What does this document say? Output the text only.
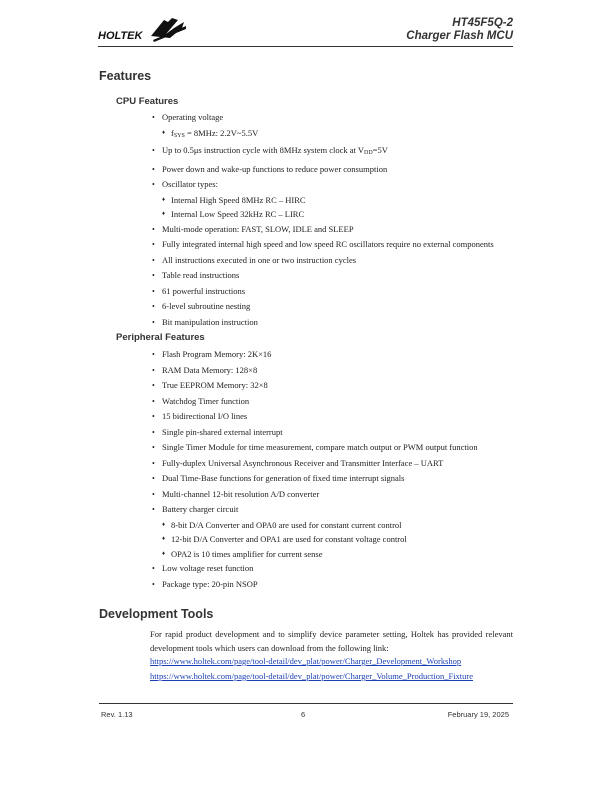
HOLTEK
HT45F5Q-2
Charger Flash MCU
Features
CPU Features
• Operating voltage
♦ $f_{SYS} = 8MHz$: 2.2V~5.5V
• Up to 0.5μs instruction cycle with 8MHz system clock at $V_{DD}=5V$
• Power down and wake-up functions to reduce power consumption
• Oscillator types:
♦ Internal High Speed 8MHz RC – HIRC
♦ Internal Low Speed 32kHz RC – LIRC
• Multi-mode operation: FAST, SLOW, IDLE and SLEEP
• Fully integrated internal high speed and low speed RC oscillators require no external components
• All instructions executed in one or two instruction cycles
• Table read instructions
• 61 powerful instructions
• 6-level subroutine nesting
• Bit manipulation instruction
Peripheral Features
• Flash Program Memory: 2K×16
• RAM Data Memory: 128×8
• True EEPROM Memory: 32×8
• Watchdog Timer function
• 15 bidirectional I/O lines
• Single pin-shared external interrupt
• Single Timer Module for time measurement, compare match output or PWM output function
• Fully-duplex Universal Asynchronous Receiver and Transmitter Interface – UART
• Dual Time-Base functions for generation of fixed time interrupt signals
• Multi-channel 12-bit resolution A/D converter
• Battery charger circuit
♦ 8-bit D/A Converter and OPA0 are used for constant current control
♦ 12-bit D/A Converter and OPA1 are used for constant voltage control
♦ OPA2 is 10 times amplifier for current sense
• Low voltage reset function
• Package type: 20-pin NSOP
Development Tools

For rapid product development and to simplify device parameter setting, Holtek has provided relevant development tools which users can download from the following link:

https://www.holtek.com/page/tool-detail/dev_plat/power/Charger_Development_Workshop
https://www.holtek.com/page/tool-detail/dev_plat/power/Charger_Volume_Production_Fixture
Rev. 1.13	6	February 19, 2025
